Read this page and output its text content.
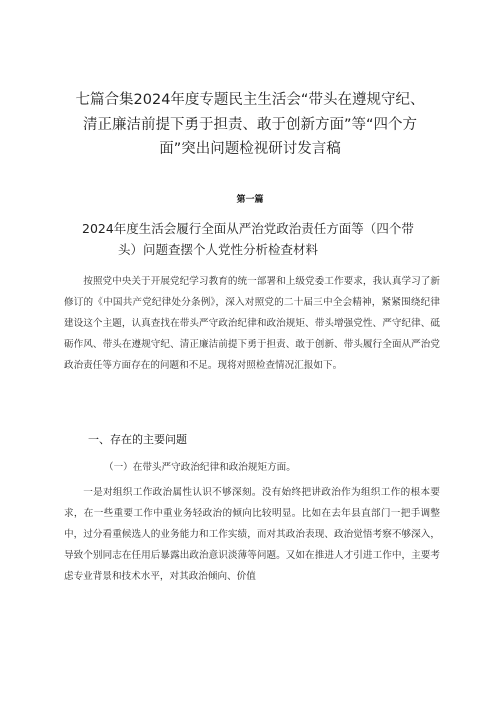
七篇合集2024年度专题民主生活会“带头在遵规守纪、
清正廉洁前提下勇于担责、敢于创新方面”等“四个方
面”突出问题检视研讨发言稿
第一篇
2024年度生活会履行全面从严治党政治责任方面等（四个带
头）问题查摆个人党性分析检查材料

按照党中央关于开展党纪学习教育的统一部署和上级党委工作要求，我认真学习了新修订的《中国共产党纪律处分条例》，深入对照党的二十届三中全会精神，紧紧围绕纪律建设这个主题，认真查找在带头严守政治纪律和政治规矩、带头增强党性、严守纪律、砥砺作风、带头在遵规守纪、清正廉洁前提下勇于担责、敢于创新、带头履行全面从严治党政治责任等方面存在的问题和不足。现将对照检查情况汇报如下。

一、存在的主要问题
（一）在带头严守政治纪律和政治规矩方面。

一是对组织工作政治属性认识不够深刻。没有始终把讲政治作为组织工作的根本要求，在一些重要工作中重业务轻政治的倾向比较明显。比如在去年县直部门一把手调整中，过分看重候选人的业务能力和工作实绩，而对其政治表现、政治觉悟考察不够深入，导致个别同志在任用后暴露出政治意识淡薄等问题。又如在推进人才引进工作中，主要考虑专业背景和技术水平，对其政治倾向、价值
